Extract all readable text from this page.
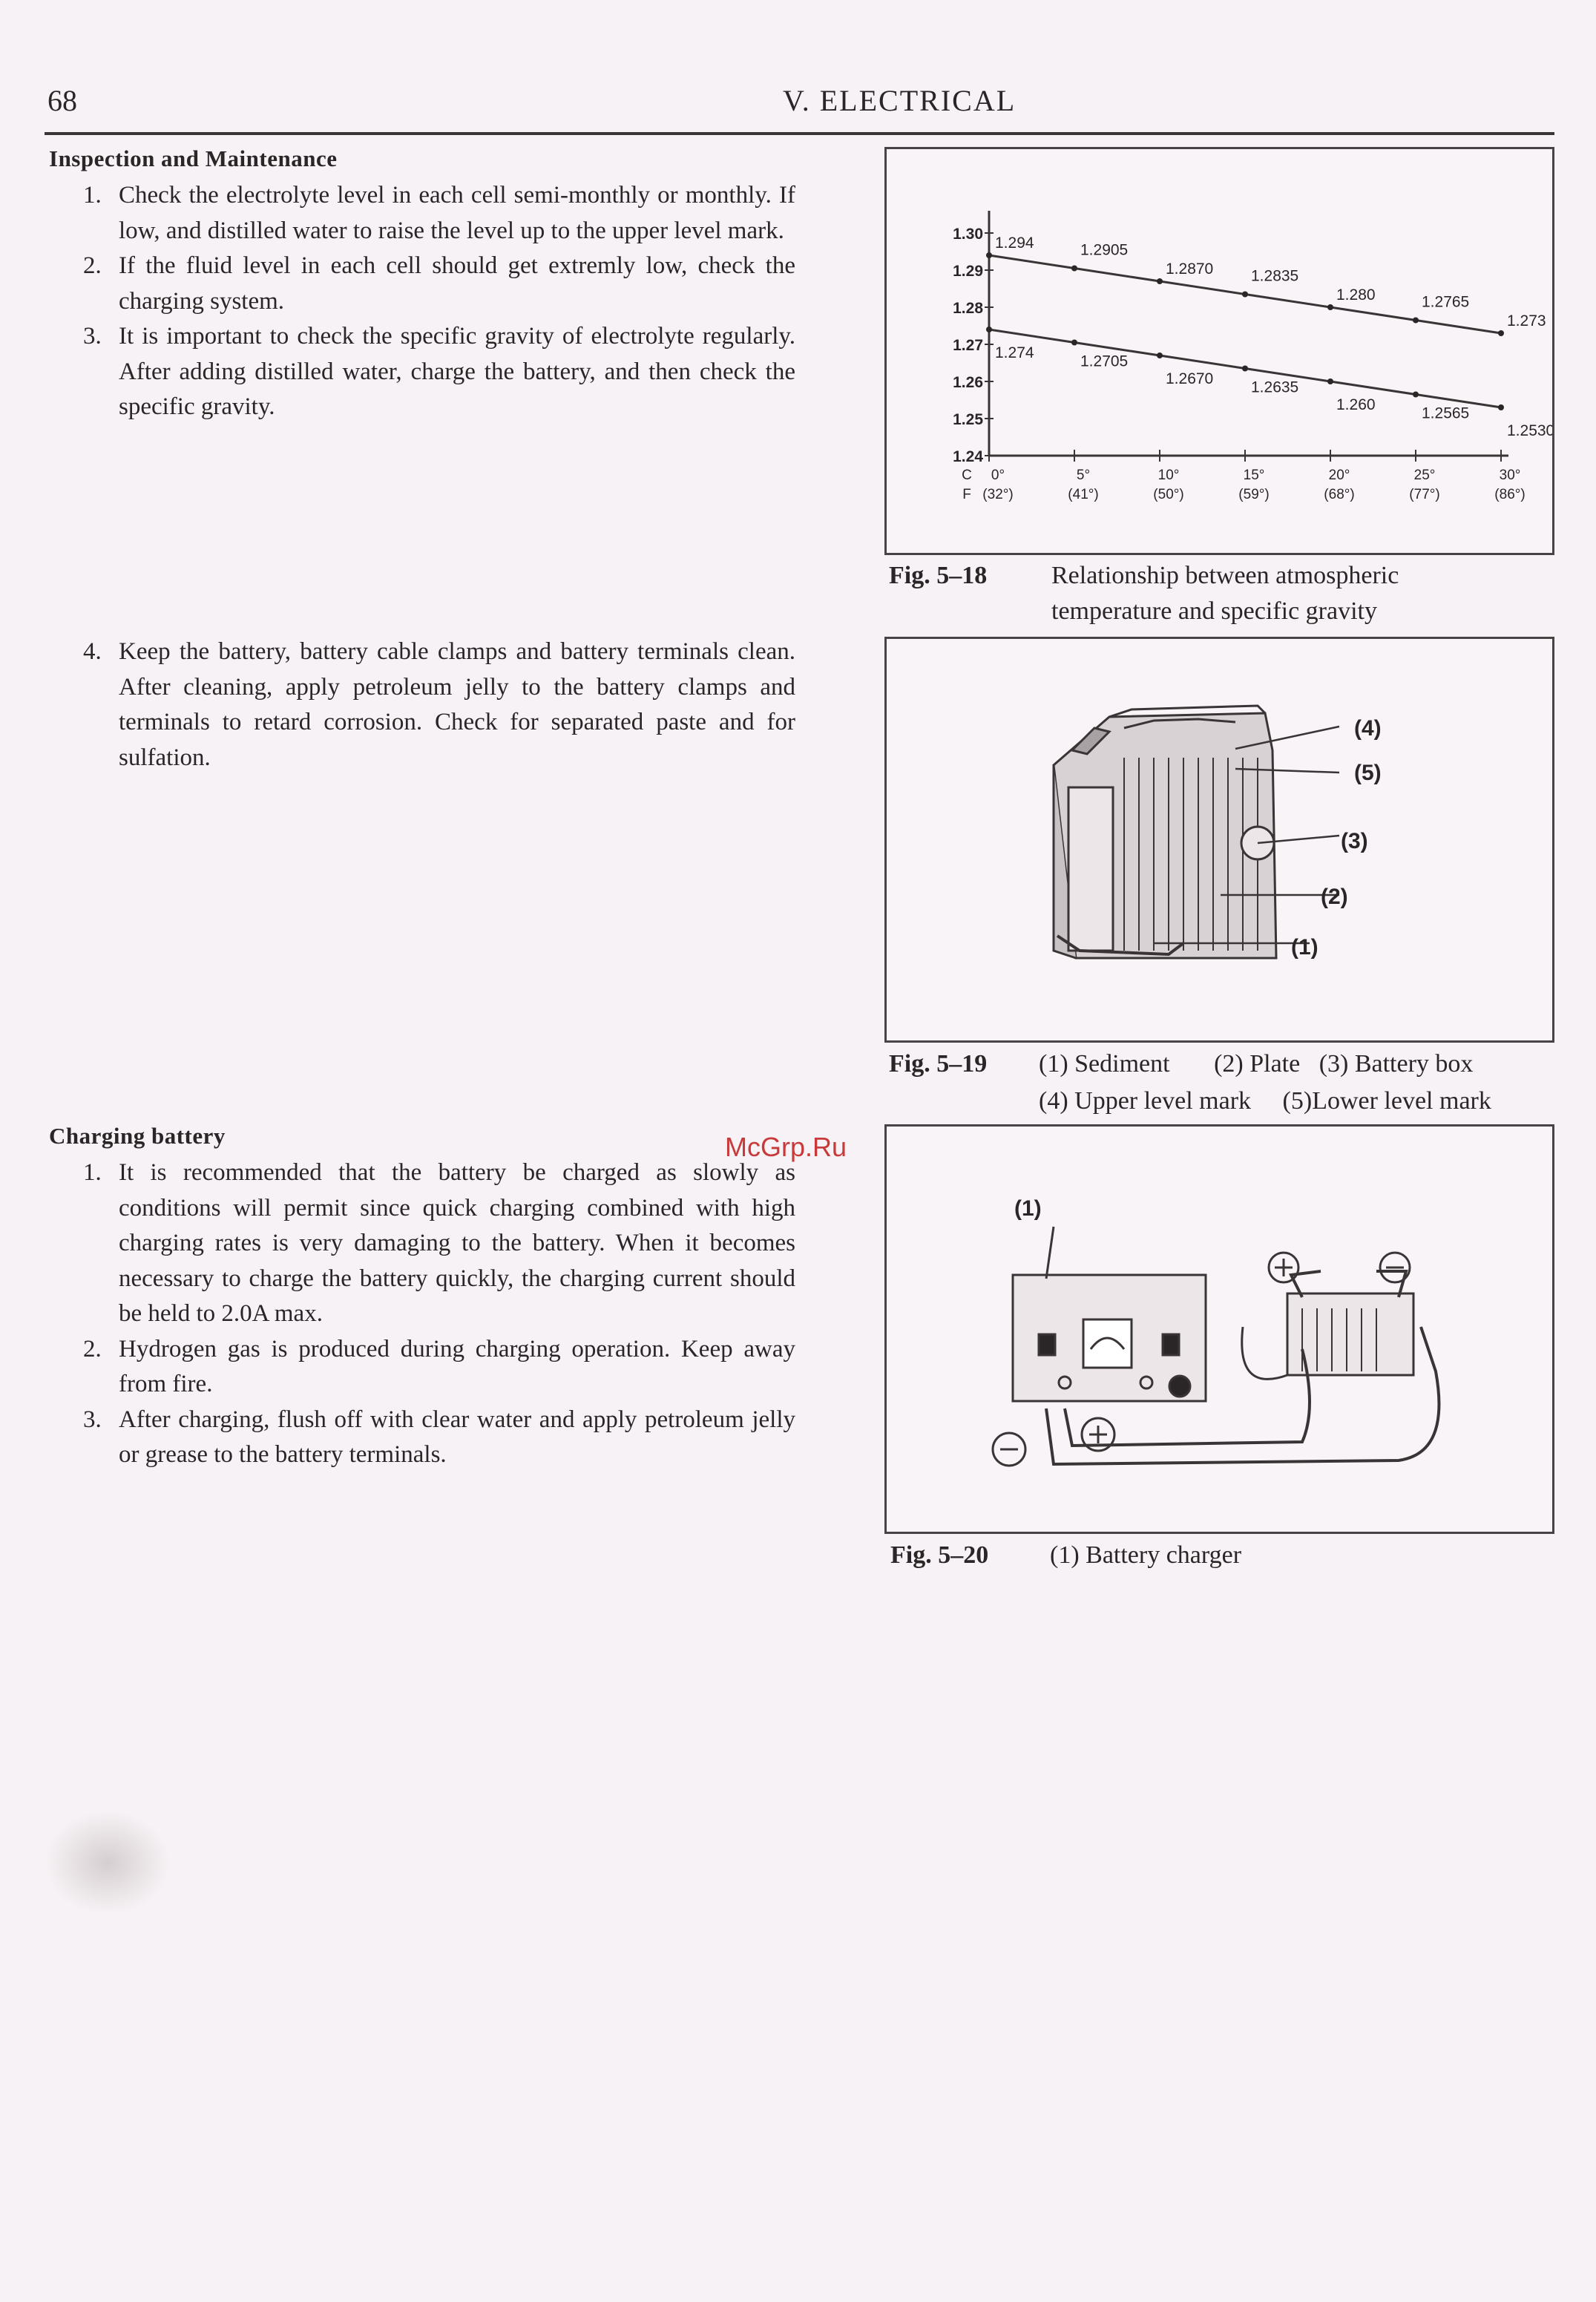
68	V. ELECTRICAL
Inspection and Maintenance
1. Check the electrolyte level in each cell semi-monthly or monthly. If low, and distilled water to raise the level up to the upper level mark.
2. If the fluid level in each cell should get extremly low, check the charging system.
3. It is important to check the specific gravity of electrolyte regularly. After adding distilled water, charge the battery, and then check the specific gravity.
4. Keep the battery, battery cable clamps and battery terminals clean. After cleaning, apply petroleum jelly to the battery clamps and terminals to retard corrosion. Check for separated paste and for sulfation.
Charging battery
1. It is recommended that the battery be charged as slowly as conditions will permit since quick charging combined with high charging rates is very damaging to the battery. When it becomes necessary to charge the battery quickly, the charging current should be held to 2.0A max.
2. Hydrogen gas is produced during charging operation. Keep away from fire.
3. After charging, flush off with clear water and apply petroleum jelly or grease to the battery terminals.
1.30
1.29
1.28
1.27
1.26
1.25
1.24
0°
(32°)
5°
(41°)
10°
(50°)
15°
(59°)
20°
(68°)
25°
(77°)
30°
(86°)
C
F
1.294	1.2905
1.2870 1.2835
1.280	1.2765
1.273
1.274	1.2705
1.2670 1.2635
1.260	1.2565
1.2530
Fig. 5–18	Relationship between atmospheric
temperature and specific gravity
(4)
(5)
(3)
(2)
(1)
Fig. 5–19 (1) Sediment       (2) Plate   (3) Battery box
(4) Upper level mark     (5)Lower level mark
(1)
Fig. 5–20 (1) Battery charger
McGrp.Ru
